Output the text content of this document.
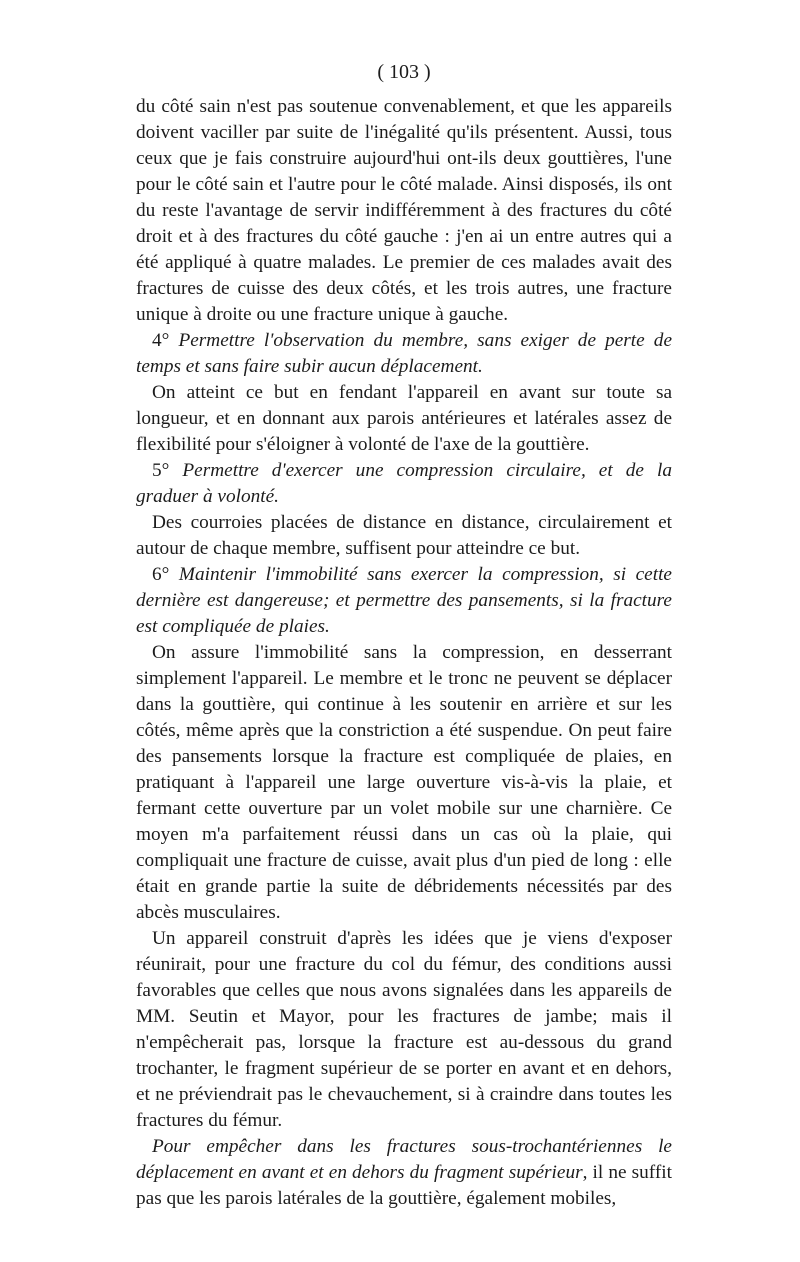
( 103 )

du côté sain n'est pas soutenue convenablement, et que les appareils doivent vaciller par suite de l'inégalité qu'ils présentent. Aussi, tous ceux que je fais construire aujourd'hui ont-ils deux gouttières, l'une pour le côté sain et l'autre pour le côté malade. Ainsi disposés, ils ont du reste l'avantage de servir indifféremment à des fractures du côté droit et à des fractures du côté gauche : j'en ai un entre autres qui a été appliqué à quatre malades. Le premier de ces malades avait des fractures de cuisse des deux côtés, et les trois autres, une fracture unique à droite ou une fracture unique à gauche.

4° Permettre l'observation du membre, sans exiger de perte de temps et sans faire subir aucun déplacement.

On atteint ce but en fendant l'appareil en avant sur toute sa longueur, et en donnant aux parois antérieures et latérales assez de flexibilité pour s'éloigner à volonté de l'axe de la gouttière.

5° Permettre d'exercer une compression circulaire, et de la graduer à volonté.

Des courroies placées de distance en distance, circulairement et autour de chaque membre, suffisent pour atteindre ce but.

6° Maintenir l'immobilité sans exercer la compression, si cette dernière est dangereuse; et permettre des pansements, si la fracture est compliquée de plaies.

On assure l'immobilité sans la compression, en desserrant simplement l'appareil. Le membre et le tronc ne peuvent se déplacer dans la gouttière, qui continue à les soutenir en arrière et sur les côtés, même après que la constriction a été suspendue. On peut faire des pansements lorsque la fracture est compliquée de plaies, en pratiquant à l'appareil une large ouverture vis-à-vis la plaie, et fermant cette ouverture par un volet mobile sur une charnière. Ce moyen m'a parfaitement réussi dans un cas où la plaie, qui compliquait une fracture de cuisse, avait plus d'un pied de long : elle était en grande partie la suite de débridements nécessités par des abcès musculaires.

Un appareil construit d'après les idées que je viens d'exposer réunirait, pour une fracture du col du fémur, des conditions aussi favorables que celles que nous avons signalées dans les appareils de MM. Seutin et Mayor, pour les fractures de jambe; mais il n'empêcherait pas, lorsque la fracture est au-dessous du grand trochanter, le fragment supérieur de se porter en avant et en dehors, et ne préviendrait pas le chevauchement, si à craindre dans toutes les fractures du fémur.

Pour empêcher dans les fractures sous-trochantériennes le déplacement en avant et en dehors du fragment supérieur, il ne suffit pas que les parois latérales de la gouttière, également mobiles,
